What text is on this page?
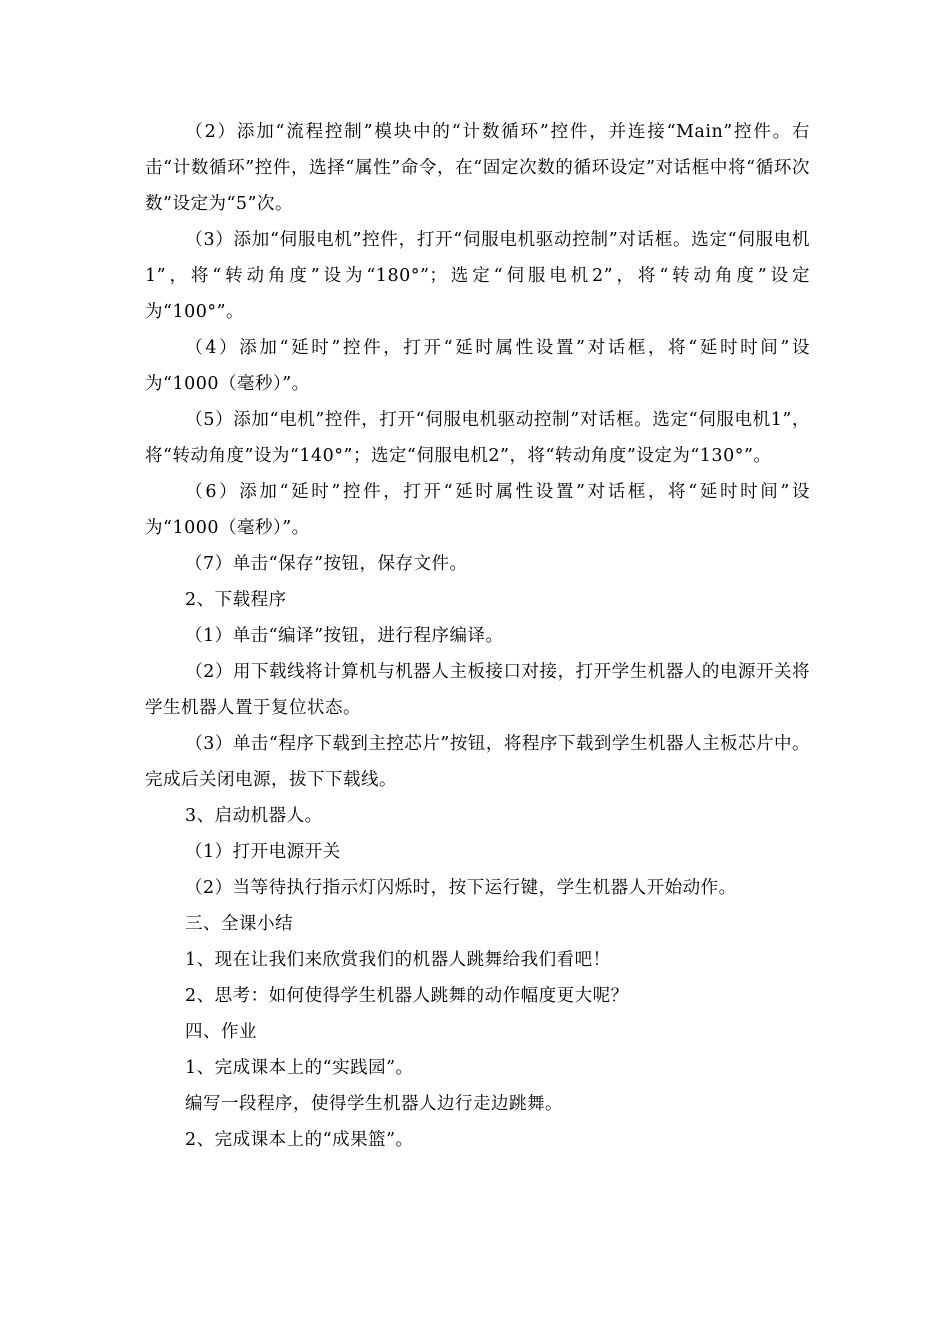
（2）添加“流程控制”模块中的“计数循环”控件，并连接“Main”控件。右击“计数循环”控件，选择“属性”命令，在“固定次数的循环设定”对话框中将“循环次数”设定为“5”次。

（3）添加“伺服电机”控件，打开“伺服电机驱动控制”对话框。选定“伺服电机1”，将“转动角度”设为“180°”；选定“伺服电机2”，将“转动角度”设定为“100°”。

（4）添加“延时”控件，打开“延时属性设置”对话框，将“延时时间”设为“1000（毫秒）”。

（5）添加“电机”控件，打开“伺服电机驱动控制”对话框。选定“伺服电机1”，将“转动角度”设为“140°”；选定“伺服电机2”，将“转动角度”设定为“130°”。

（6）添加“延时”控件，打开“延时属性设置”对话框，将“延时时间”设为“1000（毫秒）”。

（7）单击“保存”按钮，保存文件。

2、下载程序

（1）单击“编译”按钮，进行程序编译。

（2）用下载线将计算机与机器人主板接口对接，打开学生机器人的电源开关将学生机器人置于复位状态。

（3）单击“程序下载到主控芯片”按钮，将程序下载到学生机器人主板芯片中。完成后关闭电源，拔下下载线。

3、启动机器人。

（1）打开电源开关

（2）当等待执行指示灯闪烁时，按下运行键，学生机器人开始动作。

三、全课小结

1、现在让我们来欣赏我们的机器人跳舞给我们看吧！

2、思考：如何使得学生机器人跳舞的动作幅度更大呢？

四、作业

1、完成课本上的“实践园”。

编写一段程序，使得学生机器人边行走边跳舞。

2、完成课本上的“成果篮”。
